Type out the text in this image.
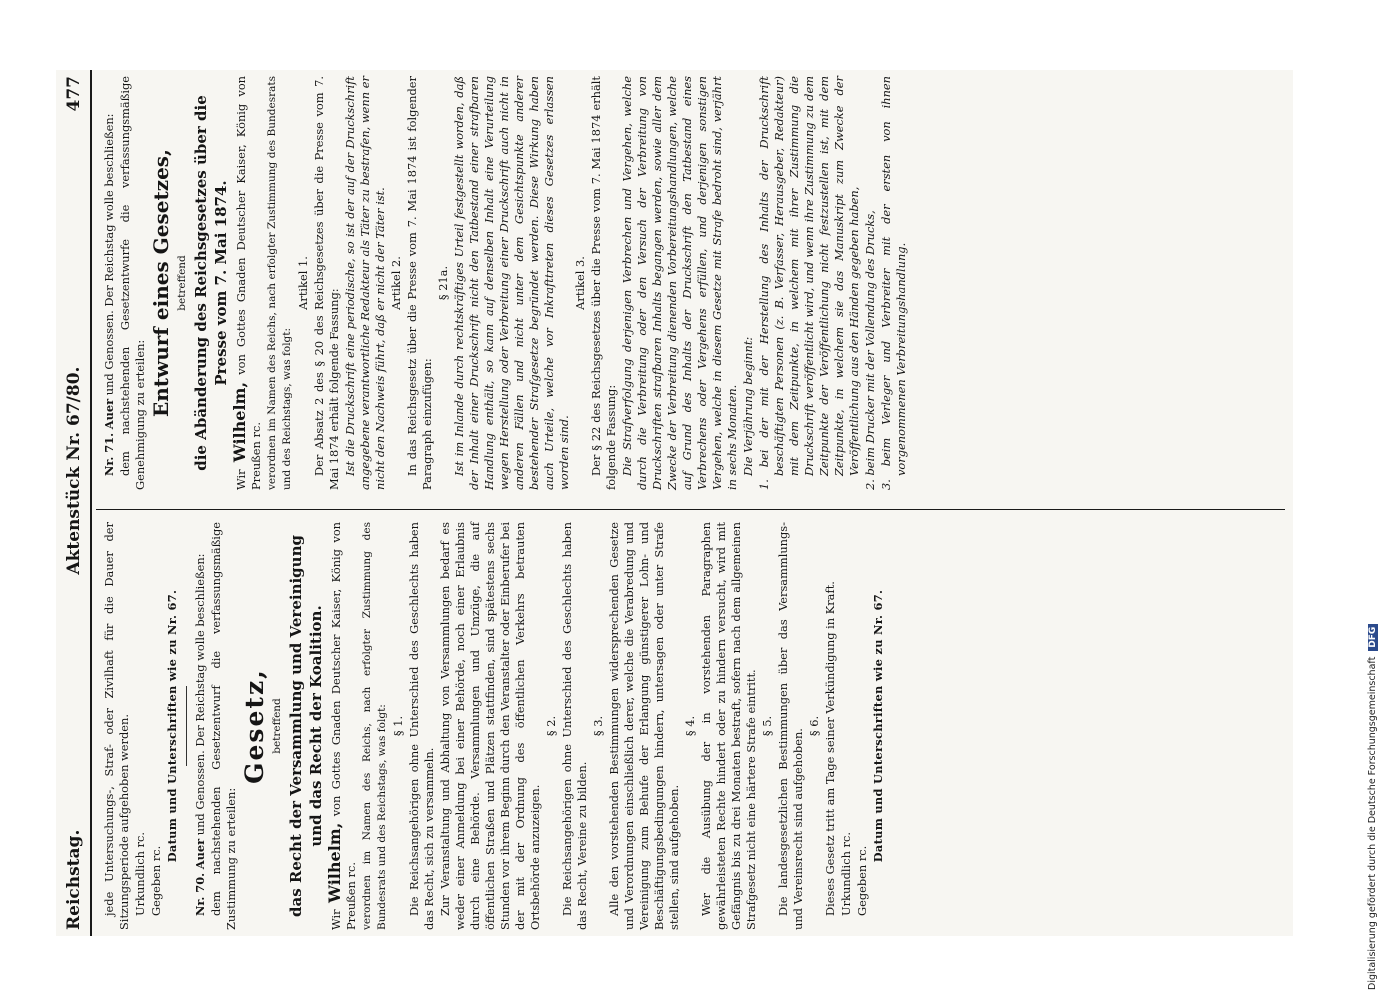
Reichstag.
Aktenstück Nr. 67/80.
477

jede Untersuchungs-, Straf- oder Zivilhaft für die Dauer der Sitzungsperiode aufgehoben werden. Urkundlich rc. Gegeben rc.

Datum und Unterschriften wie zu Nr. 67.

Nr. 70. Auer und Genossen. Der Reichstag wolle beschließen: dem nachstehenden Gesetzentwurf die verfassungsmäßige Zustimmung zu erteilen:

Gesetz, betreffend das Recht der Versammlung und Vereinigung und das Recht der Koalition.

Wir Wilhelm, von Gottes Gnaden Deutscher Kaiser, König von Preußen rc. verordnen im Namen des Reichs, nach erfolgter Zustimmung des Bundesrats und des Reichstags, was folgt: § 1. Die Reichsangehörigen ohne Unterschied des Geschlechts haben das Recht, sich zu versammeln. Zur Veranstaltung und Abhaltung von Versammlungen bedarf es weder einer Anmeldung bei einer Behörde, noch einer Erlaubnis durch eine Behörde. Versammlungen und Umzüge, die auf öffentlichen Straßen und Plätzen stattfinden, sind spätestens sechs Stunden vor ihrem Beginn durch den Veranstalter oder Einberufer bei der mit der Ordnung des öffentlichen Verkehrs betrauten Ortsbehörde anzuzeigen.

§ 2. Die Reichsangehörigen ohne Unterschied des Geschlechts haben das Recht, Vereine zu bilden.

§ 3. Alle den vorstehenden Bestimmungen widersprechenden Gesetze und Verordnungen einschließlich derer, welche die Verabredung und Vereinigung zum Behufe der Erlangung günstigerer Lohn- und Beschäftigungsbedingungen hindern, untersagen oder unter Strafe stellen, sind aufgehoben.

§ 4. Wer die Ausübung der in vorstehenden Paragraphen gewährleisteten Rechte hindert oder zu hindern versucht, wird mit Gefängnis bis zu drei Monaten bestraft, sofern nach dem allgemeinen Strafgesetz nicht eine härtere Strafe eintritt. § 5. Die landesgesetzlichen Bestimmungen über das Versammlungs- und Vereinsrecht sind aufgehoben.

§ 6. Dieses Gesetz tritt am Tage seiner Verkündigung in Kraft. Urkundlich rc. Gegeben rc.

Datum und Unterschriften wie zu Nr. 67.

Nr. 71. Auer und Genossen. Der Reichstag wolle beschließen: dem nachstehenden Gesetzentwurfe die verfassungsmäßige Genehmigung zu erteilen: Entwurf eines Gesetzes, betreffend die Abänderung des Reichsgesetzes über die Presse vom 7. Mai 1874.

Wir Wilhelm, von Gottes Gnaden Deutscher Kaiser, König von Preußen rc. verordnen im Namen des Reichs, nach erfolgter Zustimmung des Bundesrats und des Reichstags, was folgt:

Artikel 1. Der Absatz 2 des § 20 des Reichsgesetzes über die Presse vom 7. Mai 1874 erhält folgende Fassung: Ist die Druckschrift eine periodische, so ist der auf der Druckschrift angegebene verantwortliche Redakteur als Täter zu bestrafen, wenn er nicht den Nachweis führt, daß er nicht der Täter ist. Artikel 2. In das Reichsgesetz über die Presse vom 7. Mai 1874 ist folgender Paragraph einzufügen:

§ 21a. Ist im Inlande durch rechtskräftiges Urteil festgestellt worden, daß der Inhalt einer Druckschrift nicht den Tatbestand einer strafbaren Handlung enthält, so kann auf denselben Inhalt eine Verurteilung wegen Herstellung oder Verbreitung einer Druckschrift auch nicht in anderen Fällen und nicht unter dem Gesichtspunkte anderer bestehender Strafgesetze begründet werden. Diese Wirkung haben auch Urteile, welche vor Inkrafttreten dieses Gesetzes erlassen worden sind.

Artikel 3. Der § 22 des Reichsgesetzes über die Presse vom 7. Mai 1874 erhält folgende Fassung: Die Strafverfolgung derjenigen Verbrechen und Vergehen, welche durch die Verbreitung oder den Versuch der Verbreitung von Druckschriften strafbaren Inhalts begangen werden, sowie aller dem Zwecke der Verbreitung dienenden Vorbereitungshandlungen, welche auf Grund des Inhalts der Druckschrift den Tatbestand eines Verbrechens oder Vergehens erfüllen, und derjenigen sonstigen Vergehen, welche in diesem Gesetze mit Strafe bedroht sind, verjährt in sechs Monaten. Die Verjährung beginnt: 1. bei der mit der Herstellung des Inhalts der Druckschrift beschäftigten Personen (z. B. Verfasser, Herausgeber, Redakteur) mit dem Zeitpunkte, in welchem mit ihrer Zustimmung die Druckschrift veröffentlicht wird, und wenn ihre Zustimmung zu dem Zeitpunkte der Veröffentlichung nicht festzustellen ist, mit dem Zeitpunkte, in welchem sie das Manuskript zum Zwecke der Veröffentlichung aus den Händen gegeben haben, 2. beim Drucker mit der Vollendung des Drucks, 3. beim Verleger und Verbreiter mit der ersten von ihnen vorgenommenen Verbreitungshandlung.

Digitalisierung gefördert durch die Deutsche ForschungsgemeinschaftDFG
